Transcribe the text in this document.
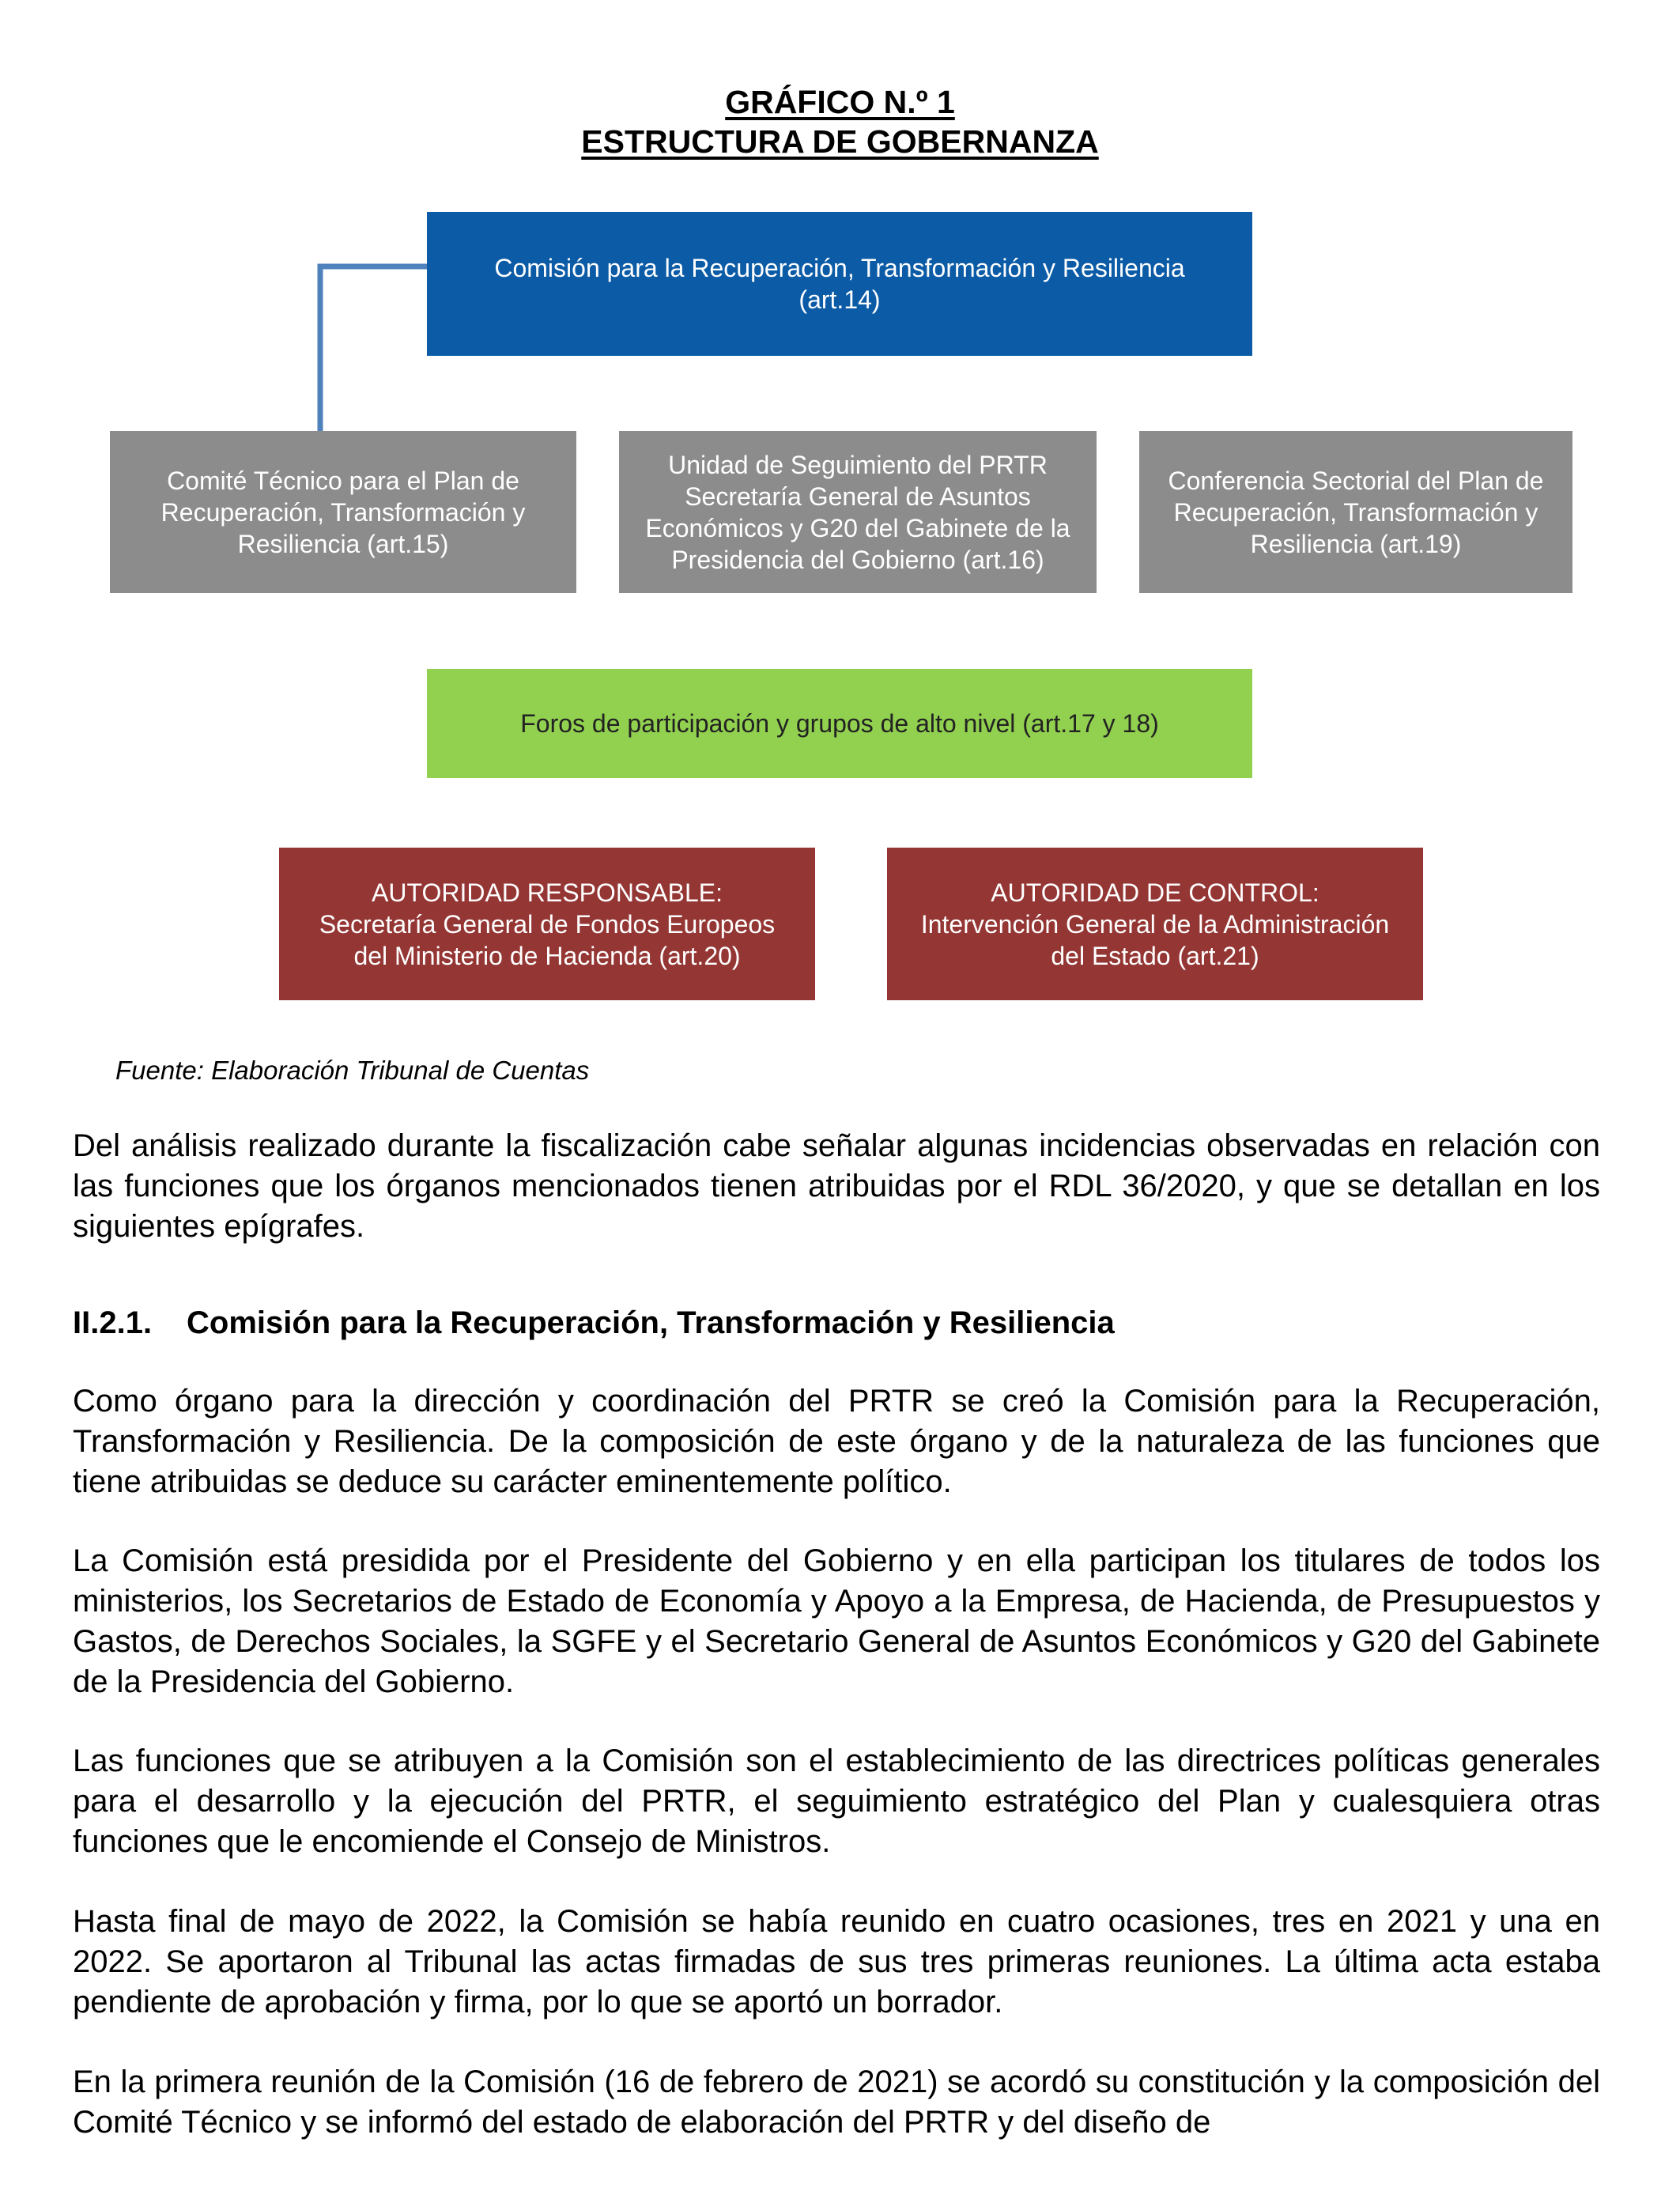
GRÁFICO N.º 1
ESTRUCTURA DE GOBERNANZA
Comisión para la Recuperación, Transformación y Resiliencia
(art.14)
Comité Técnico para el Plan de
Recuperación, Transformación y
Resiliencia (art.15)
Unidad de Seguimiento del PRTR
Secretaría General de Asuntos
Económicos y G20 del Gabinete de la
Presidencia del Gobierno (art.16)
Conferencia Sectorial del Plan de
Recuperación, Transformación y
Resiliencia (art.19)
Foros de participación y grupos de alto nivel (art.17 y 18)
AUTORIDAD RESPONSABLE:
Secretaría General de Fondos Europeos
del Ministerio de Hacienda (art.20)
AUTORIDAD DE CONTROL:
Intervención General de la Administración
del Estado (art.21)
Fuente: Elaboración Tribunal de Cuentas

Del análisis realizado durante la fiscalización cabe señalar algunas incidencias observadas en relación con las funciones que los órganos mencionados tienen atribuidas por el RDL 36/2020, y que se detallan en los siguientes epígrafes.

II.2.1. Comisión para la Recuperación, Transformación y Resiliencia

Como órgano para la dirección y coordinación del PRTR se creó la Comisión para la Recuperación, Transformación y Resiliencia. De la composición de este órgano y de la naturaleza de las funciones que tiene atribuidas se deduce su carácter eminentemente político.

La Comisión está presidida por el Presidente del Gobierno y en ella participan los titulares de todos los ministerios, los Secretarios de Estado de Economía y Apoyo a la Empresa, de Hacienda, de Presupuestos y Gastos, de Derechos Sociales, la SGFE y el Secretario General de Asuntos Económicos y G20 del Gabinete de la Presidencia del Gobierno.

Las funciones que se atribuyen a la Comisión son el establecimiento de las directrices políticas generales para el desarrollo y la ejecución del PRTR, el seguimiento estratégico del Plan y cualesquiera otras funciones que le encomiende el Consejo de Ministros.

Hasta final de mayo de 2022, la Comisión se había reunido en cuatro ocasiones, tres en 2021 y una en 2022. Se aportaron al Tribunal las actas firmadas de sus tres primeras reuniones. La última acta estaba pendiente de aprobación y firma, por lo que se aportó un borrador.

En la primera reunión de la Comisión (16 de febrero de 2021) se acordó su constitución y la composición del Comité Técnico y se informó del estado de elaboración del PRTR y del diseño de
